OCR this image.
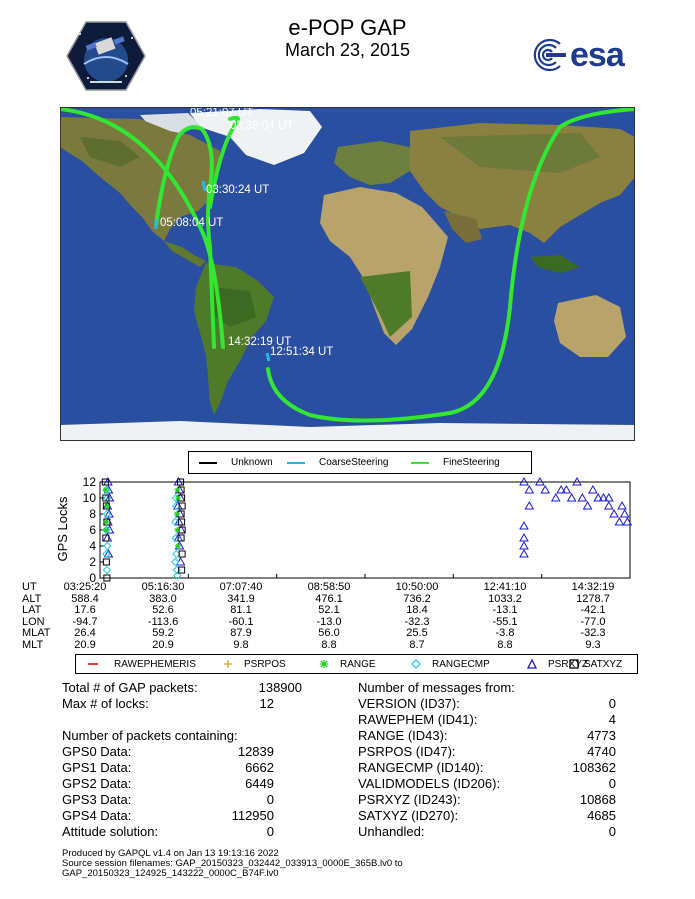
e-POP GAP
March 23, 2015	esa
05:21:07 UT
03:39:04 UT
03:30:24 UT
05:08:04 UT
14:32:19 UT
12:51:34 UT
Unknown	CoarseSteering	FineSteering
GPS Locks
0
2
4
6
8
10
12
UT	03:25:20	05:16:30	07:07:40	08:58:50	10:50:00	12:41:10	14:32:19
ALT	588.4	383.0	341.9	476.1	736.2	1033.2	1278.7
LAT	17.6	52.6	81.1	52.1	18.4	-13.1	-42.1
LON	-94.7	-113.6	-60.1	-13.0	-32.3	-55.1	-77.0
MLAT	26.4	59.2	87.9	56.0	25.5	-3.8	-32.3
MLT	20.9	20.9	9.8	8.8	8.7	8.8	9.3
RAWEPHEMERIS	PSRPOS	RANGE	RANGECMP	PSRXYZ
SATXYZ
Total # of GAP packets:	138900
Max # of locks:	12
Number of packets containing:
GPS0 Data:	12839
GPS1 Data:	6662
GPS2 Data:	6449
GPS3 Data:	0
GPS4 Data:	112950
Attitude solution:	0
Number of messages from:
VERSION (ID37):	0
RAWEPHEM (ID41):	4
RANGE (ID43):	4773
PSRPOS (ID47):	4740
RANGECMP (ID140):	108362
VALIDMODELS (ID206):	0
PSRXYZ (ID243):	10868
SATXYZ (ID270):	4685
Unhandled:	0
Produced by GAPQL v1.4 on Jan 13 19:13:16 2022
Source session filenames: GAP_20150323_032442_033913_0000E_365B.lv0 to
GAP_20150323_124925_143222_0000C_B74F.lv0
